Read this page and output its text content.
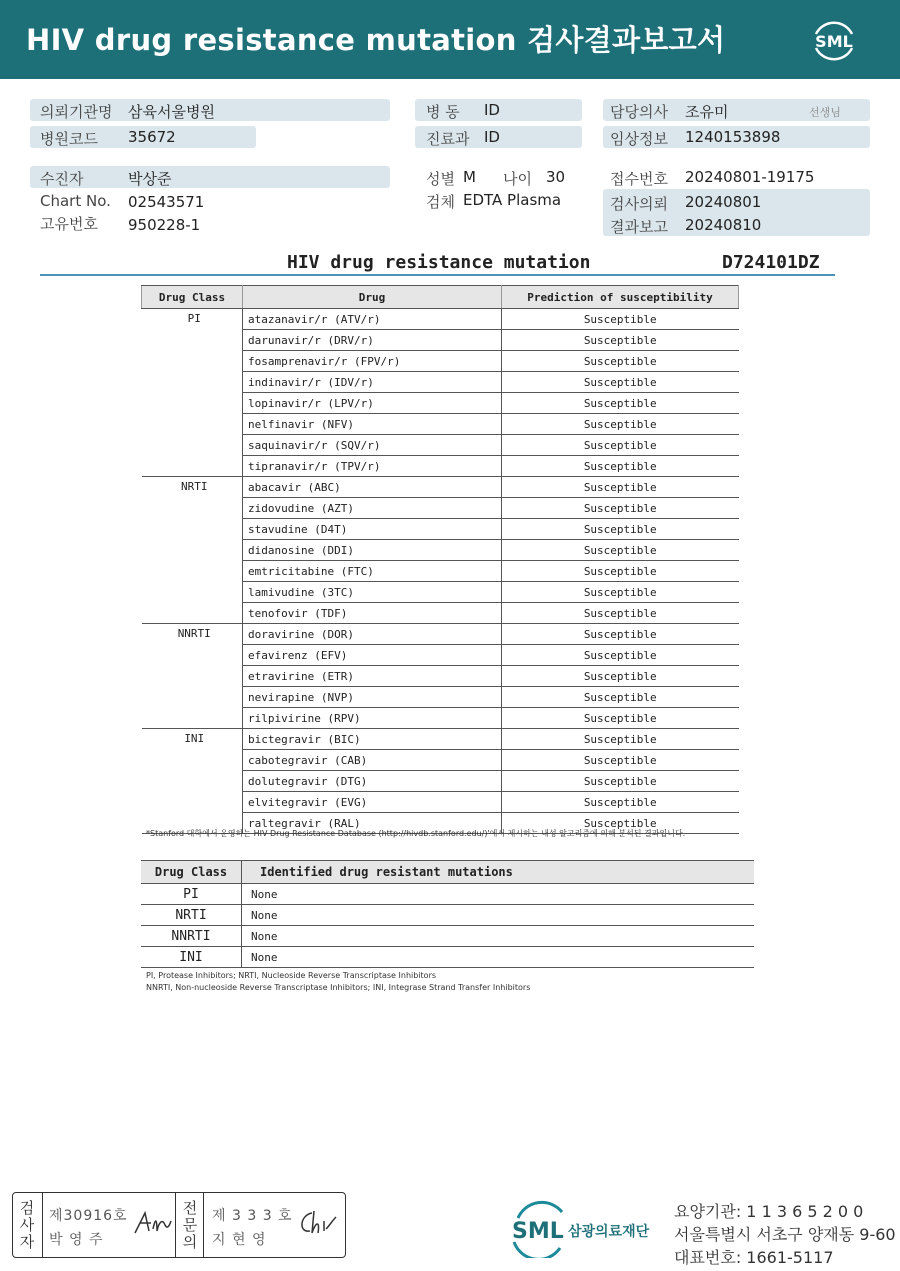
HIV drug resistance mutation 검사결과보고서	SML
의뢰기관명 삼육서울병원
병원코드 35672
병 동 ID
진료과 ID
담당의사 조유미	선생님
임상정보 1240153898
수진자	박상준
Chart No. 02543571
고유번호 950228-1
성별 M 나이 30
검체 EDTA Plasma
접수번호 20240801-19175
검사의뢰 20240801
결과보고 20240810
HIV drug resistance mutation	D724101DZ
Drug Class	Drug	Prediction of susceptibility
PI	atazanavir/r (ATV/r)	Susceptible
	darunavir/r (DRV/r)	Susceptible
	fosamprenavir/r (FPV/r)	Susceptible
	indinavir/r (IDV/r)	Susceptible
	lopinavir/r (LPV/r)	Susceptible
	nelfinavir (NFV)	Susceptible
	saquinavir/r (SQV/r)	Susceptible
	tipranavir/r (TPV/r)	Susceptible
NRTI	abacavir (ABC)	Susceptible
	zidovudine (AZT)	Susceptible
	stavudine (D4T)	Susceptible
	didanosine (DDI)	Susceptible
	emtricitabine (FTC)	Susceptible
	lamivudine (3TC)	Susceptible
	tenofovir (TDF)	Susceptible
NNRTI	doravirine (DOR)	Susceptible
	efavirenz (EFV)	Susceptible
	etravirine (ETR)	Susceptible
	nevirapine (NVP)	Susceptible
	rilpivirine (RPV)	Susceptible
INI	bictegravir (BIC)	Susceptible
	cabotegravir (CAB)	Susceptible
	dolutegravir (DTG)	Susceptible
	elvitegravir (EVG)	Susceptible
	raltegravir (RAL)	Susceptible
*Stanford 대학에서 운영하는 HIV Drug Resistance Database (http://hivdb.stanford.edu/)'에서 제시하는 내성 알고리즘에 의해 분석된 결과입니다.
Drug Class	Identified drug resistant mutations
PI	None
NRTI	None
NNRTI	None
INI	None
PI, Protease Inhibitors; NRTI, Nucleoside Reverse Transcriptase Inhibitors
NNRTI, Non-nucleoside Reverse Transcriptase Inhibitors; INI, Integrase Strand Transfer Inhibitors
검사자
제30916호
박 영 주
전문의
제 3 3 3 호
지 현 영	SML 삼광의료재단
요양기관: 1 1 3 6 5 2 0 0
서울특별시 서초구 양재동 9-60
대표번호: 1661-5117
